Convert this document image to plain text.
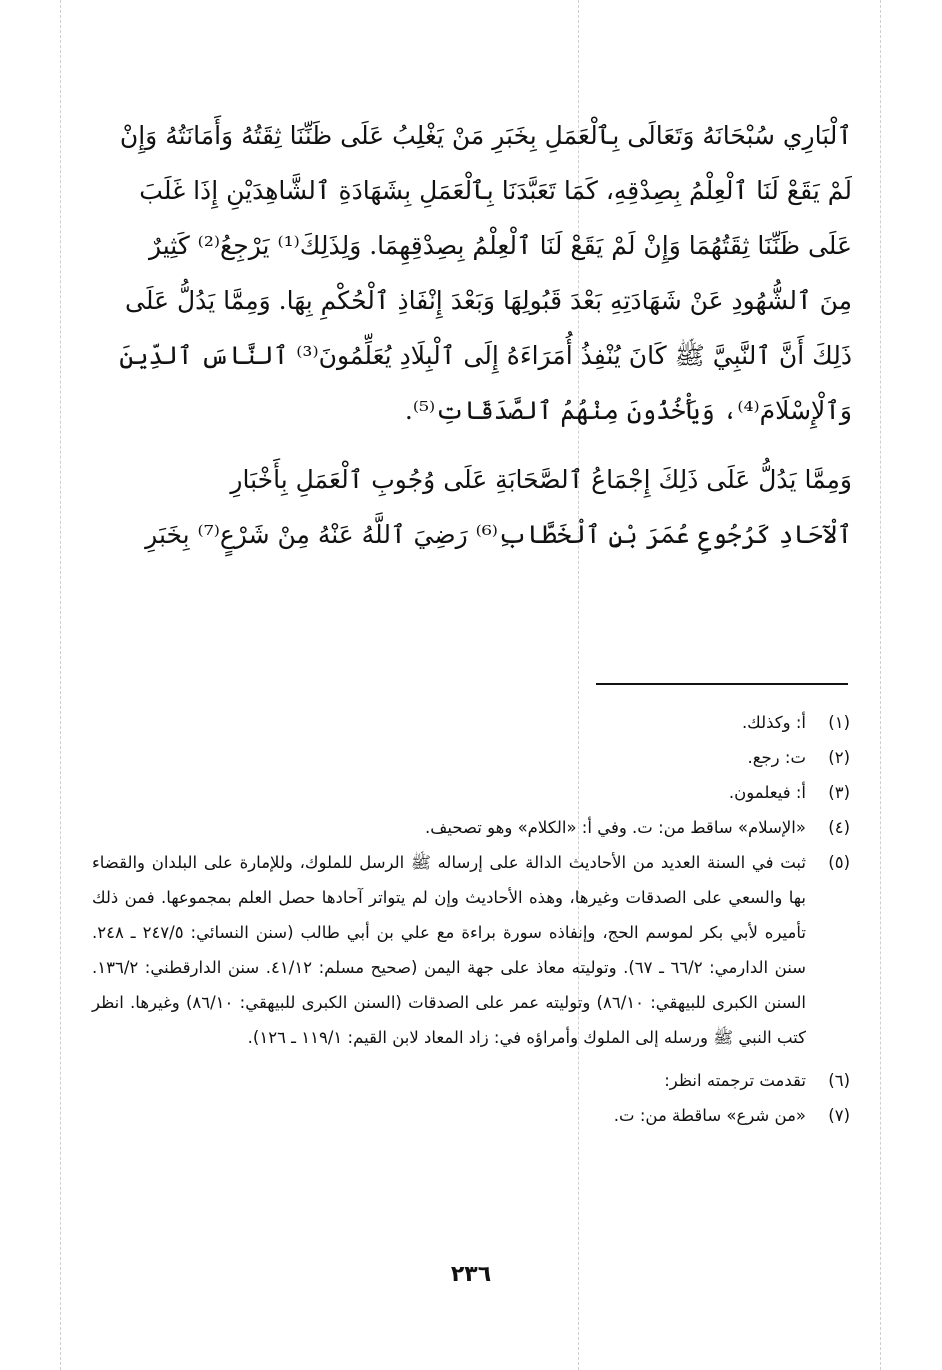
ٱلْبَارِي سُبْحَانَهُ وَتَعَالَى بِٱلْعَمَلِ بِخَبَرِ مَنْ يَغْلِبُ عَلَى ظَنِّنَا ثِقَتُهُ وَأَمَانَتُهُ وَإِنْ
لَمْ يَقَعْ لَنَا ٱلْعِلْمُ بِصِدْقِهِ، كَمَا تَعَبَّدَنَا بِٱلْعَمَلِ بِشَهَادَةِ ٱلشَّاهِدَيْنِ إِذَا غَلَبَ
عَلَى ظَنِّنَا ثِقَتُهُمَا وَإِنْ لَمْ يَقَعْ لَنَا ٱلْعِلْمُ بِصِدْقِهِمَا. وَلِذَلِكَ⁽¹⁾ يَرْجِعُ⁽²⁾ كَثِيرٌ
مِنَ ٱلشُّهُودِ عَنْ شَهَادَتِهِ بَعْدَ قَبُولِهَا وَبَعْدَ إِنْفَاذِ ٱلْحُكْمِ بِهَا. وَمِمَّا يَدُلُّ عَلَى
ذَلِكَ أَنَّ ٱلنَّبِيَّ ﷺ كَانَ يُنْفِذُ أُمَرَاءَهُ إِلَى ٱلْبِلَادِ يُعَلِّمُونَ⁽³⁾ ٱلنَّاسَ ٱلدِّينَ
وَٱلْإِسْلَامَ⁽⁴⁾، وَيَأْخُذُونَ مِنْهُمُ ٱلصَّدَقَاتِ⁽⁵⁾.
وَمِمَّا يَدُلُّ عَلَى ذَلِكَ إِجْمَاعُ ٱلصَّحَابَةِ عَلَى وُجُوبِ ٱلْعَمَلِ بِأَخْبَارِ
ٱلْآحَادِ كَرُجُوعِ عُمَرَ بْنِ ٱلْخَطَّابِ⁽⁶⁾ رَضِيَ ٱللَّهُ عَنْهُ مِنْ شَرْعٍ⁽⁷⁾ بِخَبَرِ
(١)
أ: وكذلك.
(٢)
ت: رجع.
(٣)
أ: فيعلمون.
(٤)
«الإسلام» ساقط من: ت. وفي أ: «الكلام» وهو تصحيف.
(٥)
ثبت في السنة العديد من الأحاديث الدالة على إرساله ﷺ الرسل للملوك، وللإمارة على البلدان والقضاء بها والسعي على الصدقات وغيرها، وهذه الأحاديث وإن لم يتواتر آحادها حصل العلم بمجموعها. فمن ذلك تأميره لأبي بكر لموسم الحج، وإنفاذه سورة براءة مع علي بن أبي طالب (سنن النسائي: ٢٤٧/٥ ـ ٢٤٨. سنن الدارمي: ٦٦/٢ ـ ٦٧). وتوليته معاذ على جهة اليمن (صحيح مسلم: ٤١/١٢. سنن الدارقطني: ١٣٦/٢. السنن الكبرى للبيهقي: ٨٦/١٠) وتوليته عمر على الصدقات (السنن الكبرى للبيهقي: ٨٦/١٠) وغيرها. انظر كتب النبي ﷺ ورسله إلى الملوك وأمراؤه في: زاد المعاد لابن القيم: ١١٩/١ ـ ١٢٦).
(٦)
تقدمت ترجمته انظر:
(٧)
«من شرع» ساقطة من: ت.
٢٣٦
